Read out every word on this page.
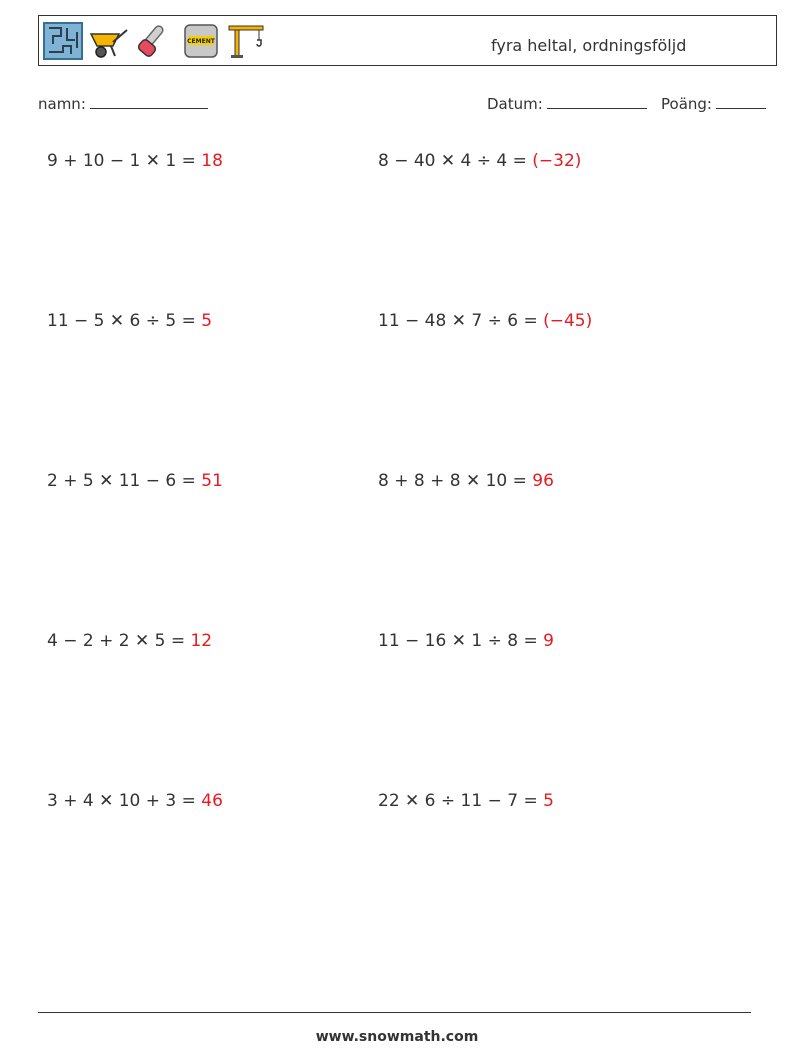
CEMENT	fyra heltal, ordningsföljd
namn:	Datum:	Poäng:
9 + 10 − 1 ✕ 1 = 18	8 − 40 ✕ 4 ÷ 4 = (−32)
11 − 5 ✕ 6 ÷ 5 = 5	11 − 48 ✕ 7 ÷ 6 = (−45)
2 + 5 ✕ 11 − 6 = 51	8 + 8 + 8 ✕ 10 = 96
4 − 2 + 2 ✕ 5 = 12	11 − 16 ✕ 1 ÷ 8 = 9
3 + 4 ✕ 10 + 3 = 46	22 ✕ 6 ÷ 11 − 7 = 5
www.snowmath.com
